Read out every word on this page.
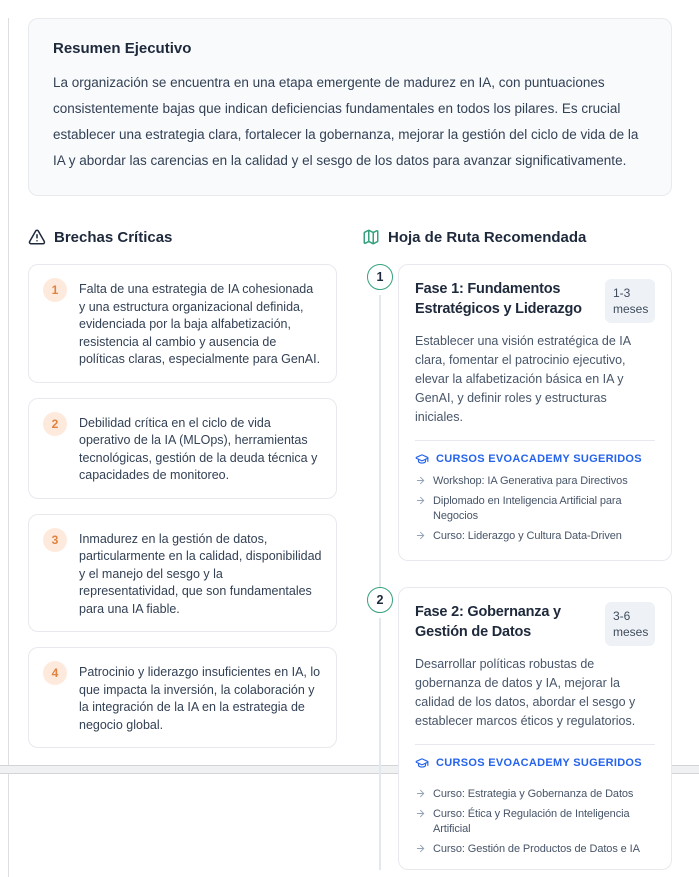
Resumen Ejecutivo

La organización se encuentra en una etapa emergente de madurez en IA, con puntuaciones consistentemente bajas que indican deficiencias fundamentales en todos los pilares. Es crucial establecer una estrategia clara, fortalecer la gobernanza, mejorar la gestión del ciclo de vida de la IA y abordar las carencias en la calidad y el sesgo de los datos para avanzar significativamente.

Brechas Críticas
1	Falta de una estrategia de IA cohesionada y una estructura organizacional definida, evidenciada por la baja alfabetización, resistencia al cambio y ausencia de políticas claras, especialmente para GenAI.

2	Debilidad crítica en el ciclo de vida operativo de la IA (MLOps), herramientas tecnológicas, gestión de la deuda técnica y capacidades de monitoreo.

3	Inmadurez en la gestión de datos, particularmente en la calidad, disponibilidad y el manejo del sesgo y la representatividad, que son fundamentales para una IA fiable.

4	Patrocinio y liderazgo insuficientes en IA, lo que impacta la inversión, la colaboración y la integración de la IA en la estrategia de negocio global.

Hoja de Ruta Recomendada
1
Fase 1: Fundamentos Estratégicos y Liderazgo
1-3 meses

Establecer una visión estratégica de IA clara, fomentar el patrocinio ejecutivo, elevar la alfabetización básica en IA y GenAI, y definir roles y estructuras iniciales.

CURSOS EVOACADEMY SUGERIDOS
Workshop: IA Generativa para Directivos
Diplomado en Inteligencia Artificial para Negocios
Curso: Liderazgo y Cultura Data-Driven
2
Fase 2: Gobernanza y Gestión de Datos
3-6 meses

Desarrollar políticas robustas de gobernanza de datos y IA, mejorar la calidad de los datos, abordar el sesgo y establecer marcos éticos y regulatorios.

CURSOS EVOACADEMY SUGERIDOS
Curso: Estrategia y Gobernanza de Datos
Curso: Ética y Regulación de Inteligencia Artificial
Curso: Gestión de Productos de Datos e IA
